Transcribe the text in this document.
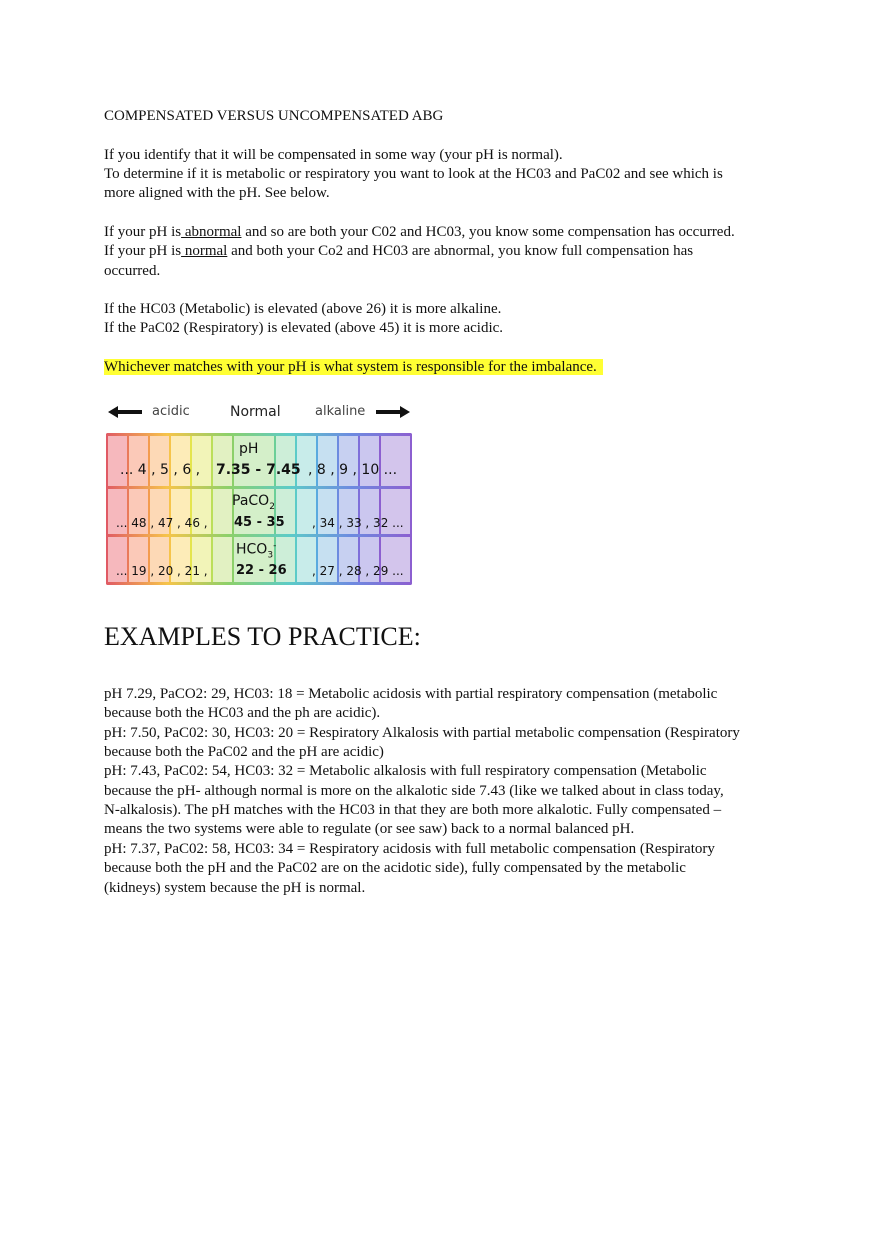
COMPENSATED VERSUS UNCOMPENSATED ABG
If you identify that it will be compensated in some way (your pH is normal).
To determine if it is metabolic or respiratory you want to look at the HC03 and PaC02 and see which is
more aligned with the pH. See below.
If your pH is abnormal and so are both your C02 and HC03, you know some compensation has occurred.
If your pH is normal and both your Co2 and HC03 are abnormal, you know full compensation has
occurred.
If the HC03 (Metabolic) is elevated (above 26) it is more alkaline.
If the PaC02 (Respiratory) is elevated (above 45) it is more acidic.
Whichever matches with your pH is what system is responsible for the imbalance.
acidic	Normal	alkaline
pH
... 4 , 5 , 6 , 7.35 - 7.45 , 8 , 9 , 10 ...
PaCO$_2$
... 48 , 47 , 46 , 45 - 35 , 34 , 33 , 32 ...
$HCO_3^-$
... 19 , 20 , 21 , 22 - 26 , 27 , 28 , 29 ...
EXAMPLES TO PRACTICE:
pH 7.29, PaCO2: 29, HC03: 18 = Metabolic acidosis with partial respiratory compensation (metabolic
because both the HC03 and the ph are acidic).
pH: 7.50, PaC02: 30, HC03: 20 = Respiratory Alkalosis with partial metabolic compensation (Respiratory
because both the PaC02 and the pH are acidic)
pH: 7.43, PaC02: 54, HC03: 32 = Metabolic alkalosis with full respiratory compensation (Metabolic
because the pH- although normal is more on the alkalotic side 7.43 (like we talked about in class today,
N-alkalosis). The pH matches with the HC03 in that they are both more alkalotic. Fully compensated –
means the two systems were able to regulate (or see saw) back to a normal balanced pH.
pH: 7.37, PaC02: 58, HC03: 34 = Respiratory acidosis with full metabolic compensation (Respiratory
because both the pH and the PaC02 are on the acidotic side), fully compensated by the metabolic
(kidneys) system because the pH is normal.
